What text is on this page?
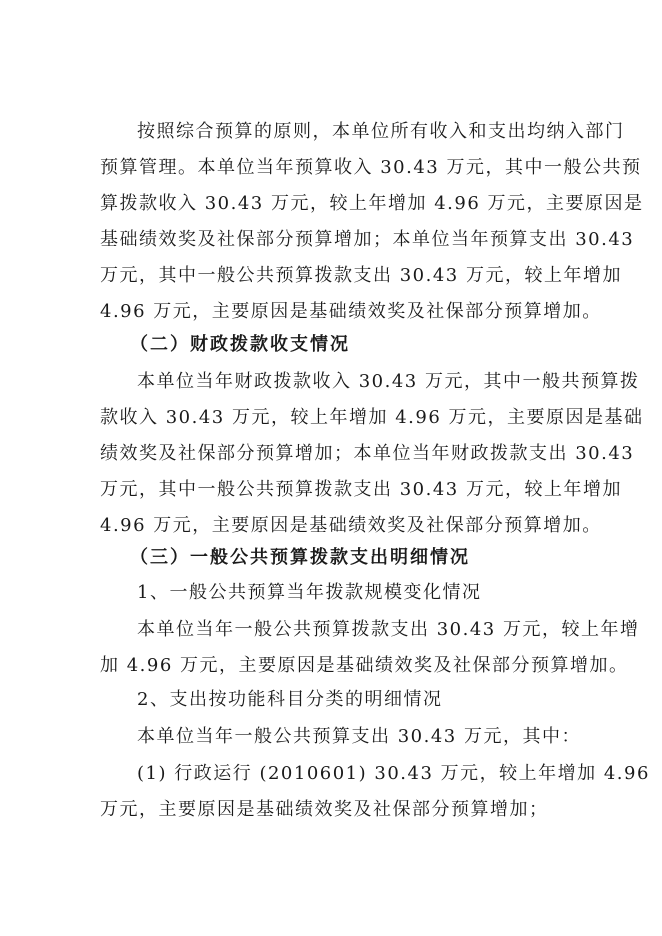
按照综合预算的原则，本单位所有收入和支出均纳入部门
预算管理。本单位当年预算收入 30.43 万元，其中一般公共预
算拨款收入 30.43 万元，较上年增加 4.96 万元，主要原因是
基础绩效奖及社保部分预算增加；本单位当年预算支出 30.43
万元，其中一般公共预算拨款支出 30.43 万元，较上年增加
4.96 万元，主要原因是基础绩效奖及社保部分预算增加。
（二）财政拨款收支情况
本单位当年财政拨款收入 30.43 万元，其中一般共预算拨
款收入 30.43 万元，较上年增加 4.96 万元，主要原因是基础
绩效奖及社保部分预算增加；本单位当年财政拨款支出 30.43
万元，其中一般公共预算拨款支出 30.43 万元，较上年增加
4.96 万元，主要原因是基础绩效奖及社保部分预算增加。
（三）一般公共预算拨款支出明细情况
1、一般公共预算当年拨款规模变化情况
本单位当年一般公共预算拨款支出 30.43 万元，较上年增
加 4.96 万元，主要原因是基础绩效奖及社保部分预算增加。
2、支出按功能科目分类的明细情况
本单位当年一般公共预算支出 30.43 万元，其中：
(1) 行政运行 (2010601) 30.43 万元，较上年增加 4.96
万元，主要原因是基础绩效奖及社保部分预算增加；
